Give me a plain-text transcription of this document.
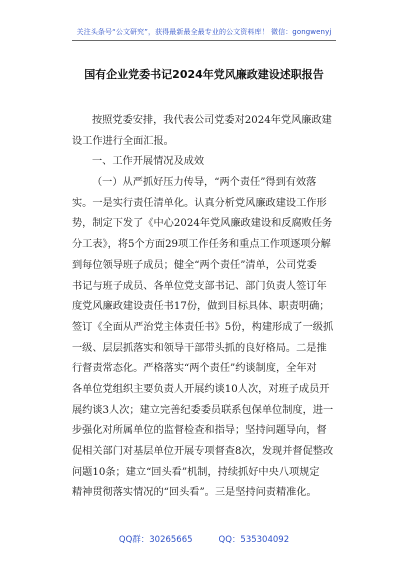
关注头条号“公文研究”，获得最新最全最专业的公文资料库！ 微信：gongwenyj
国有企业党委书记2024年党风廉政建设述职报告
按照党委安排，我代表公司党委对2024年党风廉政建
设工作进行全面汇报。
一、工作开展情况及成效
（一）从严抓好压力传导，“两个责任”得到有效落
实。一是实行责任清单化。认真分析党风廉政建设工作形
势，制定下发了《中心2024年党风廉政建设和反腐败任务
分工表》，将5个方面29项工作任务和重点工作项逐项分解
到每位领导班子成员；健全“两个责任”清单，公司党委
书记与班子成员、各单位党支部书记、部门负责人签订年
度党风廉政建设责任书17份，做到目标具体、职责明确；
签订《全面从严治党主体责任书》5份，构建形成了一级抓
一级、层层抓落实和领导干部带头抓的良好格局。二是推
行督责常态化。严格落实“两个责任”约谈制度，全年对
各单位党组织主要负责人开展约谈10人次，对班子成员开
展约谈3人次；建立完善纪委委员联系包保单位制度，进一
步强化对所属单位的监督检查和指导；坚持问题导向，督
促相关部门对基层单位开展专项督查8次，发现并督促整改
问题10条；建立“回头看”机制，持续抓好中央八项规定
精神贯彻落实情况的“回头看”。三是坚持问责精准化。
QQ群：30265665	QQ：535304092
